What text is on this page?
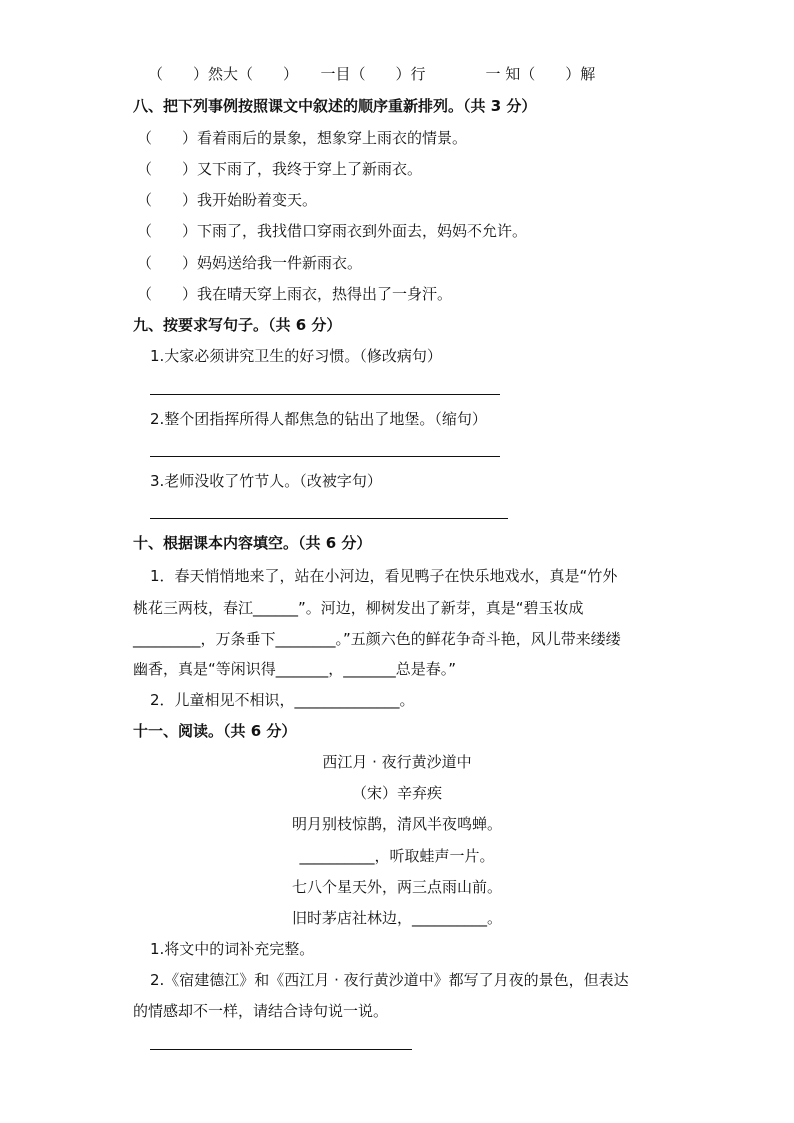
（　　）然大（　　）　　一目（　　）行　　　　一 知（　　）解
八、把下列事例按照课文中叙述的顺序重新排列。（共 3 分）
（　　）看着雨后的景象，想象穿上雨衣的情景。
（　　）又下雨了，我终于穿上了新雨衣。
（　　）我开始盼着变天。
（　　）下雨了，我找借口穿雨衣到外面去，妈妈不允许。
（　　）妈妈送给我一件新雨衣。
（　　）我在晴天穿上雨衣，热得出了一身汗。
九、按要求写句子。（共 6 分）
1.大家必须讲究卫生的好习惯。（修改病句）
2.整个团指挥所得人都焦急的钻出了地堡。（缩句）
3.老师没收了竹节人。（改被字句）
十、根据课本内容填空。（共 6 分）
1．春天悄悄地来了，站在小河边，看见鸭子在快乐地戏水，真是“竹外
桃花三两枝，春江______”。河边，柳树发出了新芽，真是“碧玉妆成
_________，万条垂下________。”五颜六色的鲜花争奇斗艳，风儿带来缕缕
幽香，真是“等闲识得_______，_______总是春。”
2．儿童相见不相识，______________。
十一、阅读。（共 6 分）
西江月 · 夜行黄沙道中
（宋）辛弃疾
明月别枝惊鹊，清风半夜鸣蝉。
__________，听取蛙声一片。
七八个星天外，两三点雨山前。
旧时茅店社林边，__________。
1.将文中的词补充完整。
2.《宿建德江》和《西江月 · 夜行黄沙道中》都写了月夜的景色，但表达
的情感却不一样，请结合诗句说一说。
